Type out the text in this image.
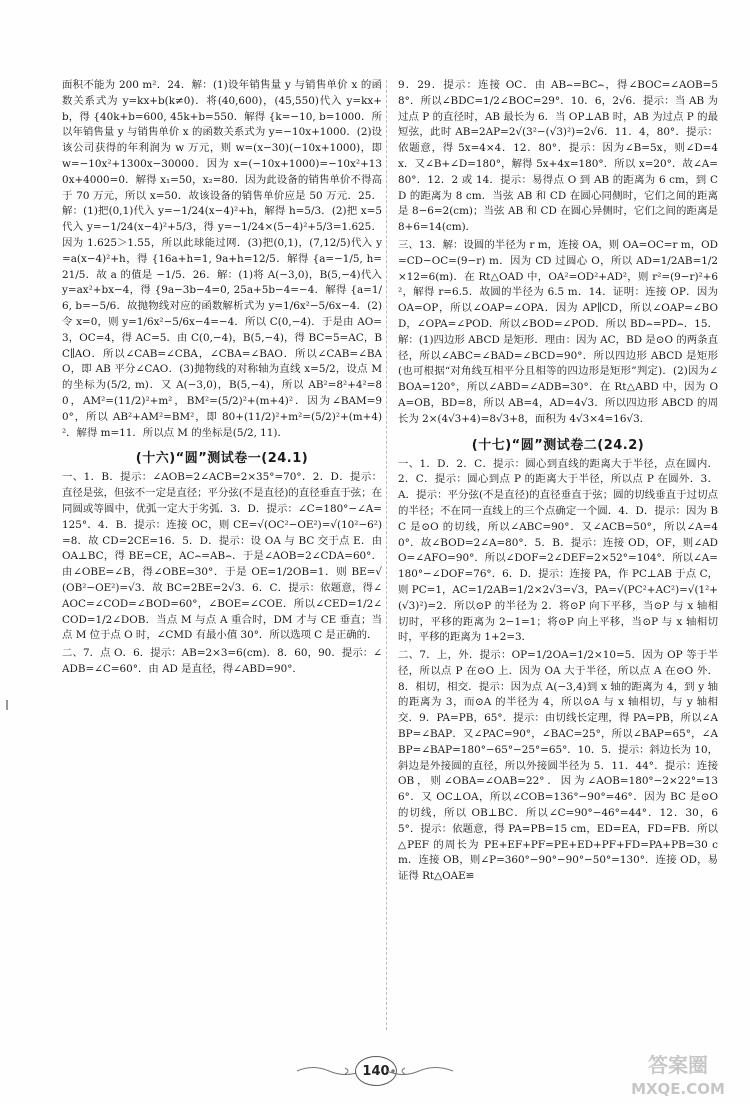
面积不能为 200 m²．24．解：(1)设年销售量 y 与销售单价 x 的函数关系式为 y=kx+b(k≠0)．将(40,600)，(45,550)代入 y=kx+b，得 {40k+b=600, 45k+b=550．解得 {k=−10, b=1000．所以年销售量 y 与销售单价 x 的函数关系式为 y=−10x+1000．(2)设该公司获得的年利润为 w 万元，则 w=(x−30)(−10x+1000)，即 w=−10x²+1300x−30000．因为 x=(−10x+1000)=−10x²+130x+4000=0．解得 x₁=50，x₂=80．因为此设备的销售单价不得高于 70 万元，所以 x=50．故该设备的销售单价应是 50 万元．25．解：(1)把(0,1)代入 y=−1/24(x−4)²+h，解得 h=5/3．(2)把 x=5 代入 y=−1/24(x−4)²+5/3，得 y=−1/24×(5−4)²+5/3=1.625．因为 1.625＞1.55，所以此球能过网．(3)把(0,1)，(7,12/5)代入 y=a(x−4)²+h，得 {16a+h=1, 9a+h=12/5．解得 {a=−1/5, h=21/5．故 a 的值是 −1/5．26．解：(1)将 A(−3,0)，B(5,−4)代入 y=ax²+bx−4，得 {9a−3b−4=0, 25a+5b−4=−4．解得 {a=1/6, b=−5/6．故抛物线对应的函数解析式为 y=1/6x²−5/6x−4．(2)令 x=0，则 y=1/6x²−5/6x−4=−4．所以 C(0,−4)．于是由 AO=3，OC=4，得 AC=5．由 C(0,−4)，B(5,−4)，得 BC=5=AC，BC∥AO．所以∠CAB=∠CBA，∠CBA=∠BAO．所以∠CAB=∠BAO，即 AB 平分∠CAO．(3)抛物线的对称轴为直线 x=5/2，设点 M 的坐标为(5/2, m)．又 A(−3,0)，B(5,−4)，所以 AB²=8²+4²=80，AM²=(11/2)²+m²，BM²=(5/2)²+(m+4)²．因为∠BAM=90°，所以 AB²+AM²=BM²，即 80+(11/2)²+m²=(5/2)²+(m+4)²．解得 m=11．所以点 M 的坐标是(5/2, 11)．

(十六)“圆”测试卷一(24.1)

一、1．B．提示：∠AOB=2∠ACB=2×35°=70°．2．D．提示：直径是弦，但弦不一定是直径；平分弦(不是直径)的直径垂直于弦；在同圆或等圆中，优弧一定大于劣弧．3．D．提示：∠C=180°−∠A=125°．4．B．提示：连接 OC，则 CE=√(OC²−OE²)=√(10²−6²)=8．故 CD=2CE=16．5．D．提示：设 OA 与 BC 交于点 E．由 OA⊥BC，得 BE=CE，AC⌢=AB⌢．于是∠AOB=2∠CDA=60°．由∠OBE=∠B，得∠OBE=30°．于是 OE=1/2OB=1．则 BE=√(OB²−OE²)=√3．故 BC=2BE=2√3．6．C．提示：依题意，得∠AOC=∠COD=∠BOD=60°，∠BOE=∠COE．所以∠CED=1/2∠COD=1/2∠DOB．当点 M 与点 A 重合时，DM 才与 CE 垂直；当点 M 位于点 O 时，∠CMD 有最小值 30°．所以选项 C 是正确的．

二、7．点 O．6．提示：AB=2×3=6(cm)．8．60，90．提示：∠ADB=∠C=60°．由 AD 是直径，得∠ABD=90°．

9．29．提示：连接 OC．由 AB⌢=BC⌢，得∠BOC=∠AOB=58°．所以∠BDC=1/2∠BOC=29°．10．6，2√6．提示：当 AB 为过点 P 的直径时，AB 最长为 6．当 OP⊥AB 时，AB 为过点 P 的最短弦，此时 AB=2AP=2√(3²−(√3)²)=2√6．11．4，80°．提示：依题意，得 5x=4×4．12．80°．提示：因为∠B=5x，则∠D=4x．又∠B+∠D=180°，解得 5x+4x=180°．所以 x=20°．故∠A=80°．12．2 或 14．提示：易得点 O 到 AB 的距离为 6 cm，到 CD 的距离为 8 cm．当弦 AB 和 CD 在圆心同侧时，它们之间的距离是 8−6=2(cm)；当弦 AB 和 CD 在圆心异侧时，它们之间的距离是 8+6=14(cm)．

三、13．解：设圆的半径为 r m，连接 OA，则 OA=OC=r m，OD=CD−OC=(9−r) m．因为 CD 过圆心 O，所以 AD=1/2AB=1/2×12=6(m)．在 Rt△OAD 中，OA²=OD²+AD²，则 r²=(9−r)²+6²，解得 r=6.5．故圆的半径为 6.5 m．14．证明：连接 OP．因为 OA=OP，所以∠OAP=∠OPA．因为 AP∥CD，所以∠OAP=∠BOD，∠OPA=∠POD．所以∠BOD=∠POD．所以 BD⌢=PD⌢．15．解：(1)四边形 ABCD 是矩形．理由：因为 AC，BD 是⊙O 的两条直径，所以∠ABC=∠BAD=∠BCD=90°．所以四边形 ABCD 是矩形(也可根据“对角线互相平分且相等的四边形是矩形”判定)．(2)因为∠BOA=120°，所以∠ABD=∠ADB=30°．在 Rt△ABD 中，因为 OA=OB，BD=8，所以 AB=4，AD=4√3．所以四边形 ABCD 的周长为 2×(4√3+4)=8√3+8，面积为 4√3×4=16√3．

(十七)“圆”测试卷二(24.2)

一、1．D．2．C．提示：圆心到直线的距离大于半径，点在圆内．2．C．提示：圆心到点 P 的距离大于半径，所以点 P 在圆外．3．A．提示：平分弦(不是直径)的直径垂直于弦；圆的切线垂直于过切点的半径；不在同一直线上的三个点确定一个圆．4．D．提示：因为 BC 是⊙O 的切线，所以∠ABC=90°．又∠ACB=50°，所以∠A=40°．故∠BOD=2∠A=80°．5．B．提示：连接 OD，OF，则∠ADO=∠AFO=90°．所以∠DOF=2∠DEF=2×52°=104°．所以∠A=180°−∠DOF=76°．6．D．提示：连接 PA，作 PC⊥AB 于点 C，则 PC=1，AC=1/2AB=1/2×2√3=√3，PA=√(PC²+AC²)=√(1²+(√3)²)=2．所以⊙P 的半径为 2．将⊙P 向下平移，当⊙P 与 x 轴相切时，平移的距离为 2−1=1；将⊙P 向上平移，当⊙P 与 x 轴相切时，平移的距离为 1+2=3．

二、7．上，外．提示：OP=1/2OA=1/2×10=5．因为 OP 等于半径，所以点 P 在⊙O 上．因为 OA 大于半径，所以点 A 在⊙O 外．8．相切，相交．提示：因为点 A(−3,4)到 x 轴的距离为 4，到 y 轴的距离为 3，而⊙A 的半径为 4，所以⊙A 与 x 轴相切，与 y 轴相交．9．PA=PB，65°．提示：由切线长定理，得 PA=PB，所以∠ABP=∠BAP．又∠PAC=90°，∠BAC=25°，所以∠BAP=65°，∠ABP=∠BAP=180°−65°−25°=65°．10．5．提示：斜边长为 10，斜边是外接圆的直径，所以外接圆半径为 5．11．44°．提示：连接 OB，则∠OBA=∠OAB=22°．因为∠AOB=180°−2×22°=136°．又 OC⊥OA，所以∠COB=136°−90°=46°．因为 BC 是⊙O 的切线，所以 OB⊥BC．所以∠C=90°−46°=44°．12．30，65°．提示：依题意，得 PA=PB=15 cm，ED=EA，FD=FB．所以△PEF 的周长为 PE+EF+PF=PE+ED+PF+FD=PA+PB=30 cm．连接 OB，则∠P=360°−90°−90°−50°=130°．连接 OD，易证得 Rt△OAE≌

140	答案圈
MXQE.COM
